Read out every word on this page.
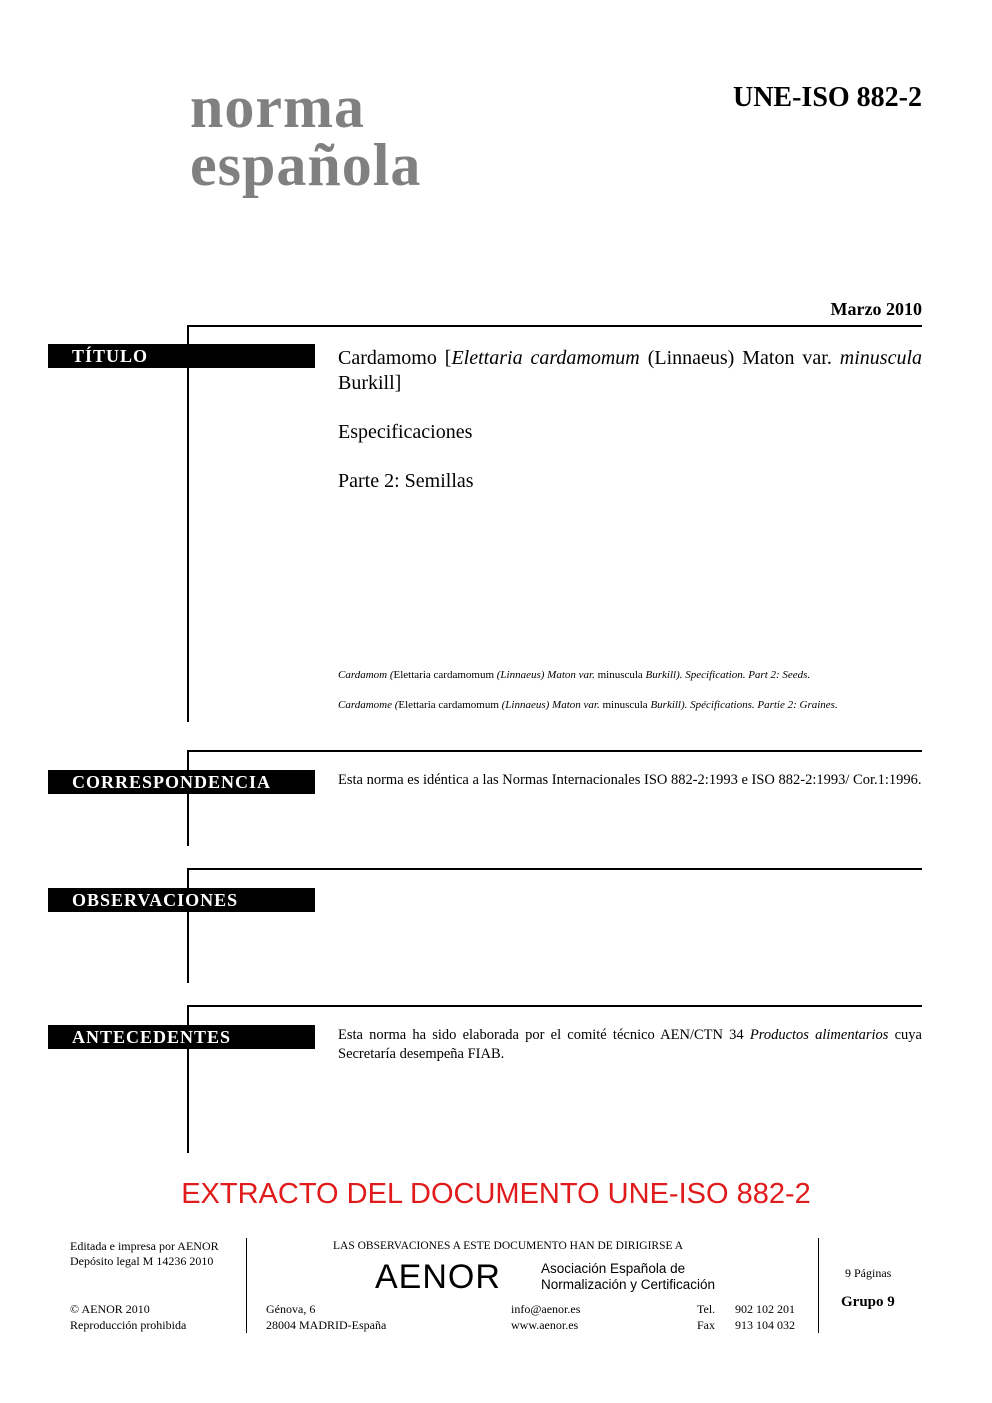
norma
española
UNE-ISO 882-2
Marzo 2010
TÍTULO	Cardamomo [Elettaria cardamomum (Linnaeus) Maton var. minuscula Burkill]
Especificaciones
Parte 2: Semillas
Cardamom (Elettaria cardamomum (Linnaeus) Maton var. minuscula Burkill). Specification. Part 2: Seeds.
Cardamome (Elettaria cardamomum (Linnaeus) Maton var. minuscula Burkill). Spécifications. Partie 2: Graines.
CORRESPONDENCIA	Esta norma es idéntica a las Normas Internacionales ISO 882-2:1993 e ISO 882-2:1993/ Cor.1:1996.
OBSERVACIONES
ANTECEDENTES	Esta norma ha sido elaborada por el comité técnico AEN/CTN 34 Productos alimentarios cuya Secretaría desempeña FIAB.
EXTRACTO DEL DOCUMENTO UNE-ISO 882-2
Editada e impresa por AENOR
Depósito legal M 14236 2010
© AENOR 2010
Reproducción prohibida
LAS OBSERVACIONES A ESTE DOCUMENTO HAN DE DIRIGIRSE A
AENOR	Asociación Española de
Normalización y Certificación
Génova, 6
28004 MADRID-España
info@aenor.es
www.aenor.es
Tel. 902 102 201
Fax 913 104 032
9 Páginas
Grupo 9
